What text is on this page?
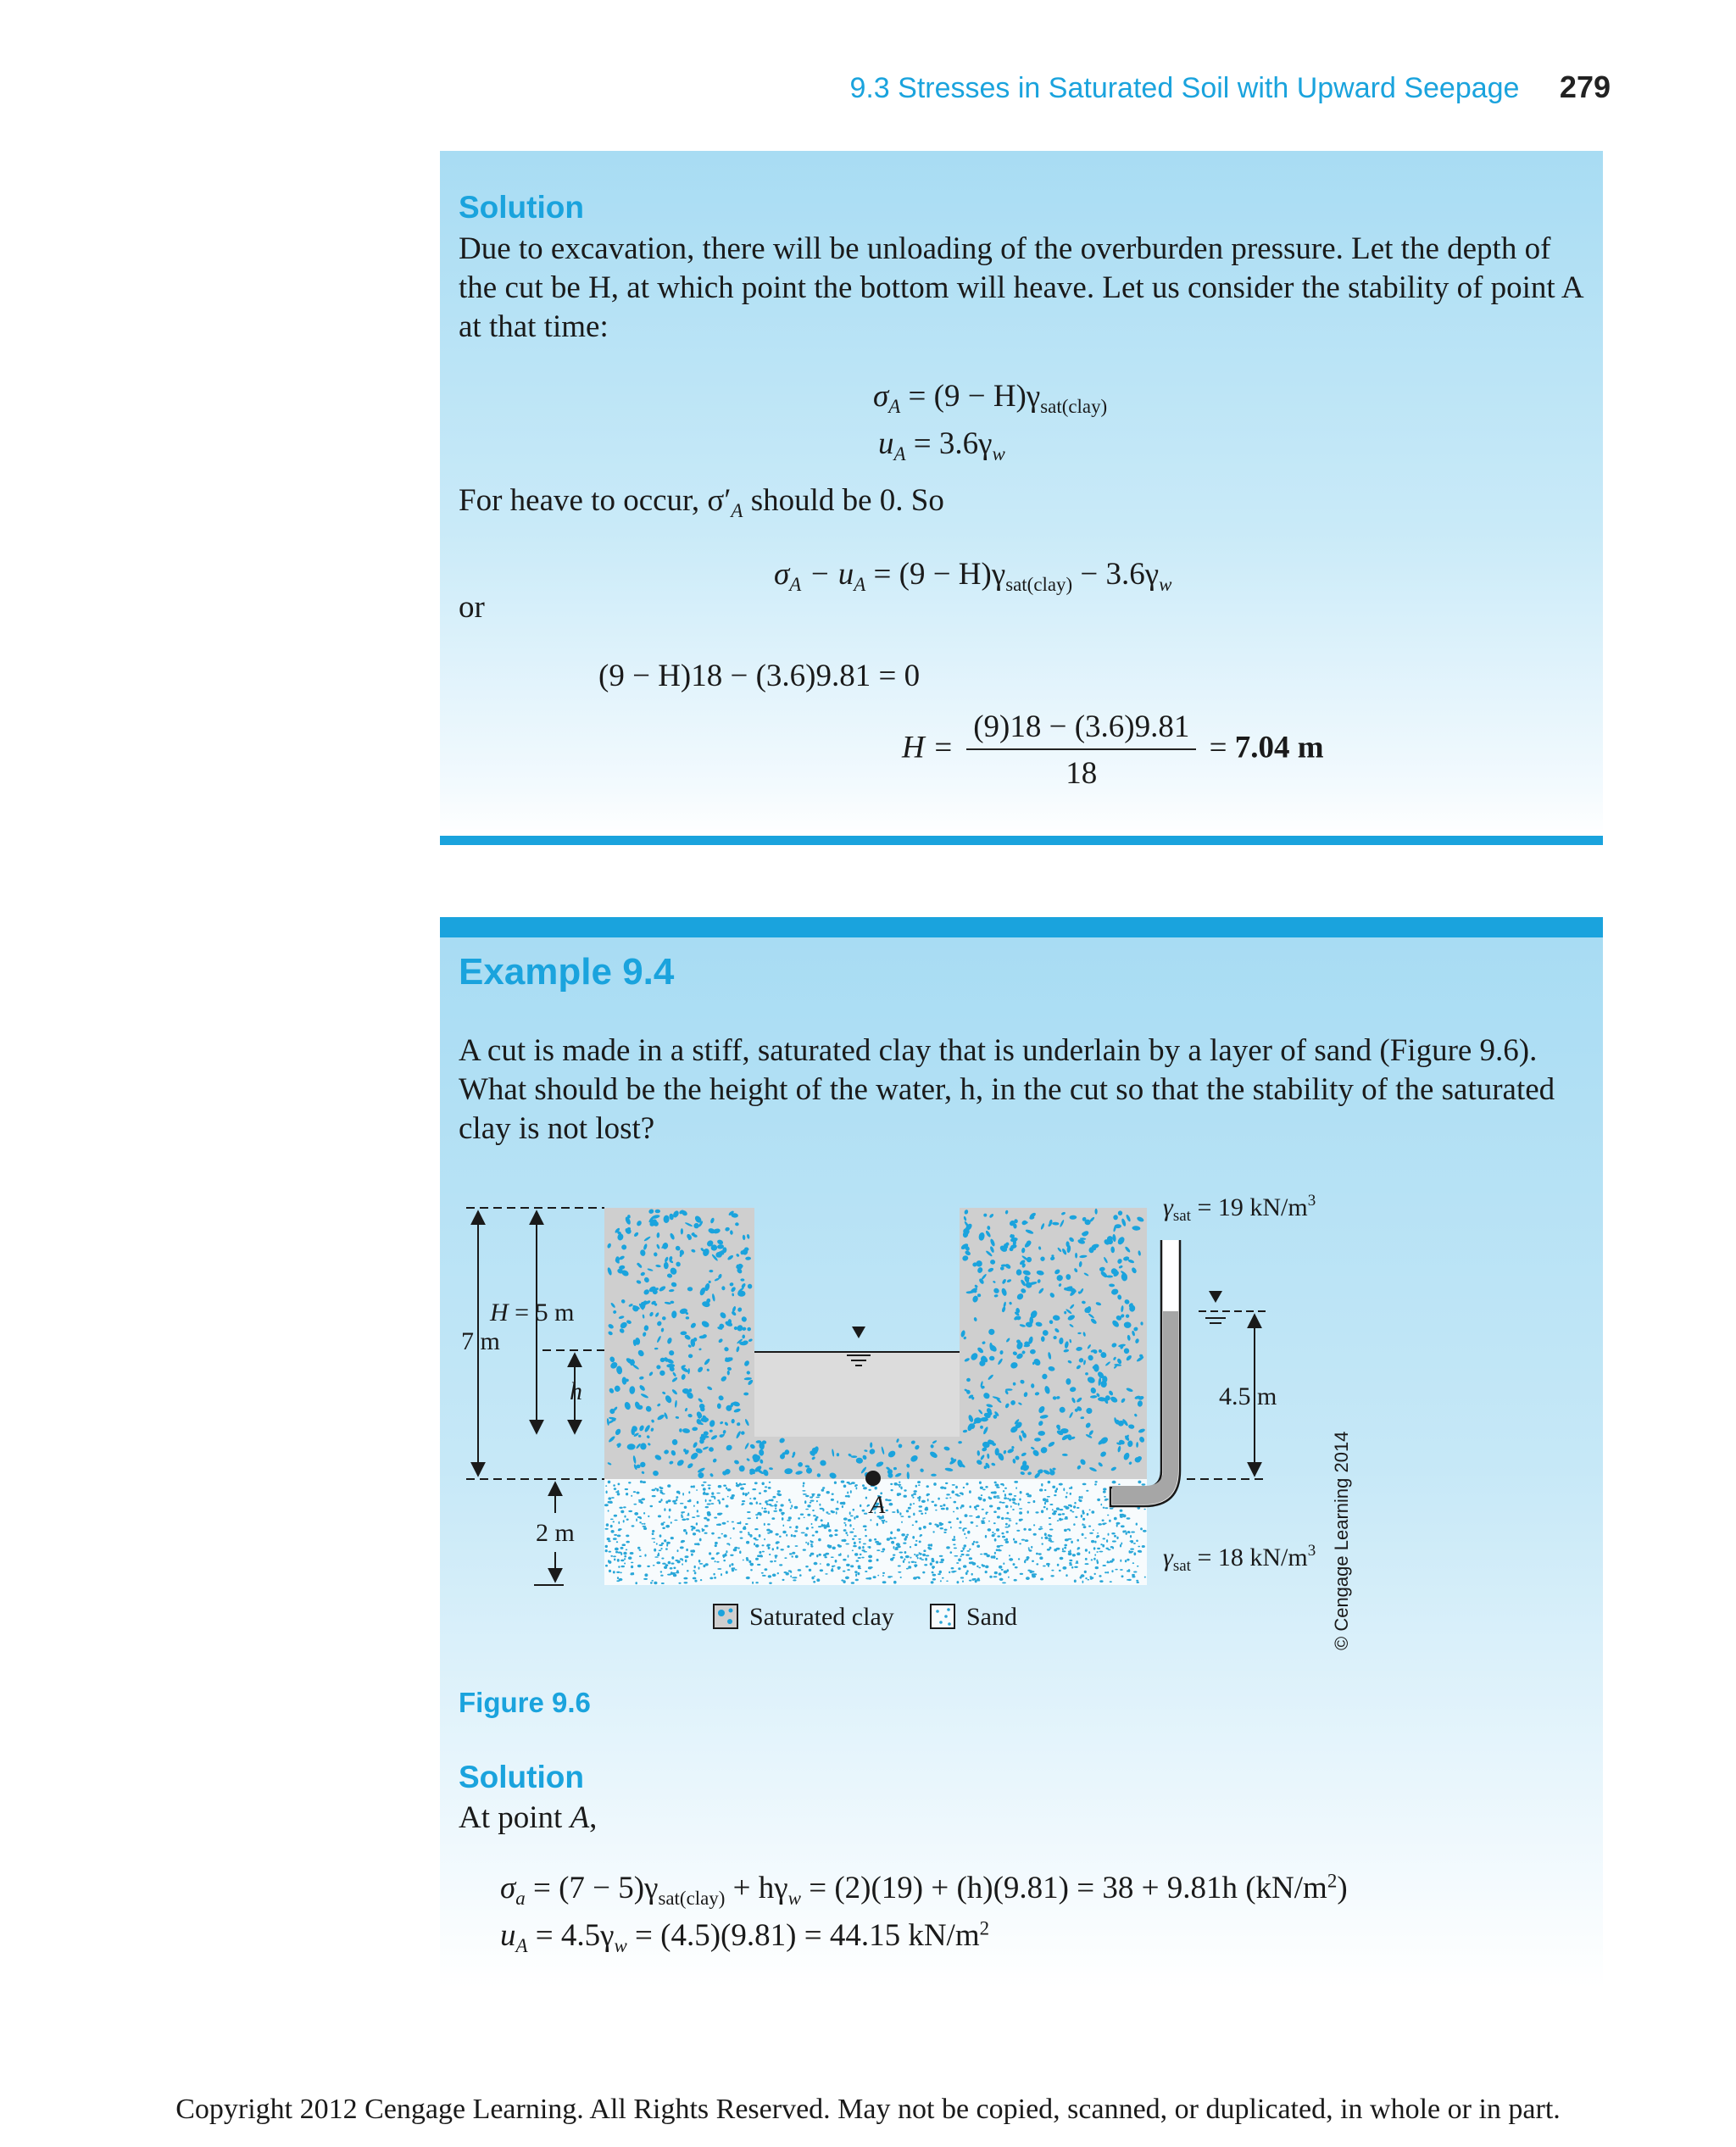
9.3 Stresses in Saturated Soil with Upward Seepage 279
Solution
Due to excavation, there will be unloading of the overburden pressure. Let the depth of the cut be H, at which point the bottom will heave. Let us consider the stability of point A at that time:
$\sigma_A = (9 - H)\gamma_{sat(clay)}$
$u_A = 3.6\gamma_w$
For heave to occur, $\sigma'_A$ should be 0. So
$\sigma_A - u_A = (9 - H)\gamma_{sat(clay)} - 3.6\gamma_w$
or
(9 − H)18 − (3.6)9.81 = 0
$H = \frac{(9)18 - (3.6)9.81}{18} = 7.04$ m
Example 9.4
A cut is made in a stiff, saturated clay that is underlain by a layer of sand (Figure 9.6). What should be the height of the water, h, in the cut so that the stability of the saturated clay is not lost?
A
H = 5 m
7 m
h
2 m
4.5 m
$\gamma_{sat} = 19$ $kN/m^3$
$\gamma_{sat} = 18$ $kN/m^3$
Saturated clay	Sand	© Cengage Learning 2014
Figure 9.6
Solution
At point A,
$\sigma_a = (7 - 5)\gamma_{sat(clay)} + h\gamma_w = (2)(19) + (h)(9.81) = 38 + 9.81h$ $(kN/m^2)$
$u_A = 4.5\gamma_w = (4.5)(9.81) = 44.15$ $kN/m^2$
Copyright 2012 Cengage Learning. All Rights Reserved. May not be copied, scanned, or duplicated, in whole or in part.
